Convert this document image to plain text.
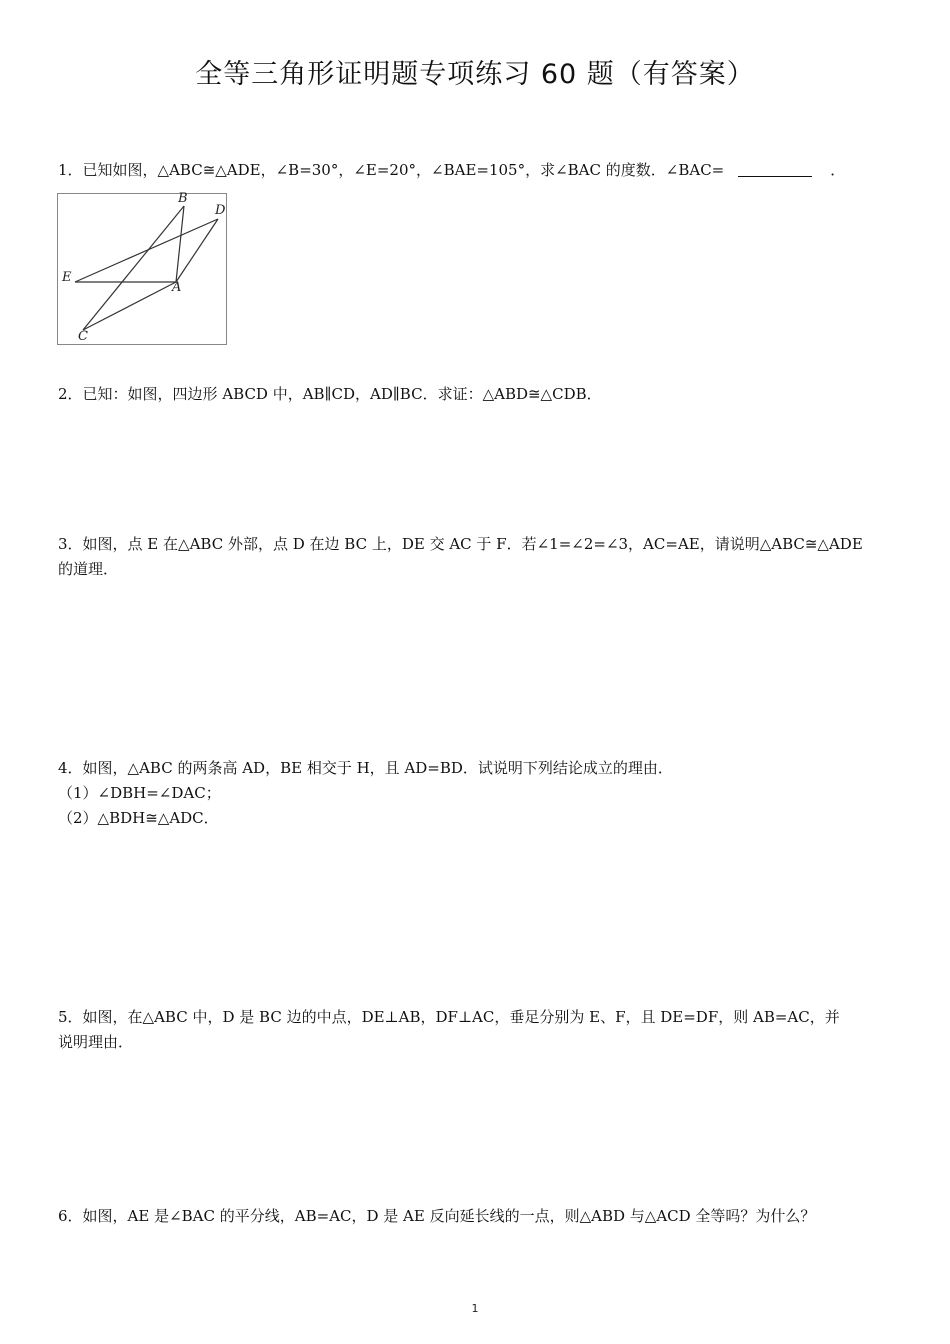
全等三角形证明题专项练习 60 题（有答案）
1．已知如图，△ABC≅△ADE，∠B=30°，∠E=20°，∠BAE=105°，求∠BAC 的度数．∠BAC=	．
B
D
E
A
C
2．已知：如图，四边形 ABCD 中，AB∥CD，AD∥BC．求证：△ABD≅△CDB．
3．如图，点 E 在△ABC 外部，点 D 在边 BC 上，DE 交 AC 于 F．若∠1=∠2=∠3，AC=AE，请说明△ABC≅△ADE
的道理．
4．如图，△ABC 的两条高 AD，BE 相交于 H，且 AD=BD．试说明下列结论成立的理由．
（1）∠DBH=∠DAC；
（2）△BDH≅△ADC．
5．如图，在△ABC 中，D 是 BC 边的中点，DE⊥AB，DF⊥AC，垂足分别为 E、F，且 DE=DF，则 AB=AC，并
说明理由．
6．如图，AE 是∠BAC 的平分线，AB=AC，D 是 AE 反向延长线的一点，则△ABD 与△ACD 全等吗？为什么？
1
